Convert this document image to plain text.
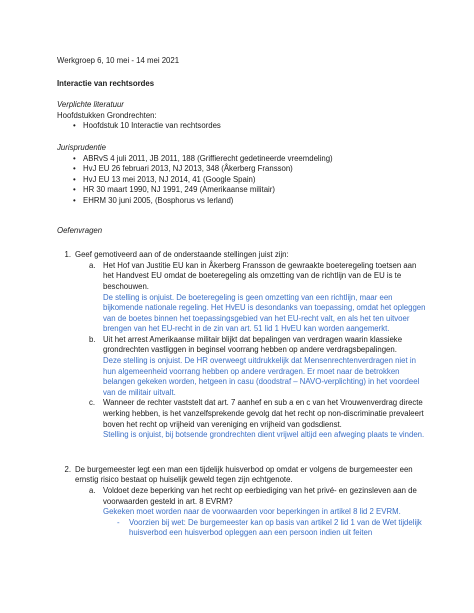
Werkgroep 6, 10 mei - 14 mei 2021

Interactie van rechtsordes

Verplichte literatuur

Hoofdstukken Grondrechten:

• Hoofdstuk 10 Interactie van rechtsordes

Jurisprudentie

• ABRvS 4 juli 2011, JB 2011, 188 (Griffierecht gedetineerde vreemdeling)
• HvJ EU 26 februari 2013, NJ 2013, 348 (Åkerberg Fransson)
• HvJ EU 13 mei 2013, NJ 2014, 41 (Google Spain)
• HR 30 maart 1990, NJ 1991, 249 (Amerikaanse militair)
• EHRM 30 juni 2005, (Bosphorus vs Ierland)

Oefenvragen

1. Geef gemotiveerd aan of de onderstaande stellingen juist zijn:
a. Het Hof van Justitie EU kan in Åkerberg Fransson de gewraakte boeteregeling toetsen aan het Handvest EU omdat de boeteregeling als omzetting van de richtlijn van de EU is te beschouwen.

De stelling is onjuist. De boeteregeling is geen omzetting van een richtlijn, maar een bijkomende nationale regeling. Het HvEU is desondanks van toepassing, omdat het opleggen van de boetes binnen het toepassingsgebied van het EU-recht valt, en als het ten uitvoer brengen van het EU-recht in de zin van art. 51 lid 1 HvEU kan worden aangemerkt.

b. Uit het arrest Amerikaanse militair blijkt dat bepalingen van verdragen waarin klassieke grondrechten vastliggen in beginsel voorrang hebben op andere verdragsbepalingen.

Deze stelling is onjuist. De HR overweegt uitdrukkelijk dat Mensenrechtenverdragen niet in hun algemeenheid voorrang hebben op andere verdragen. Er moet naar de betrokken belangen gekeken worden, hetgeen in casu (doodstraf – NAVO-verplichting) in het voordeel van de militair uitvalt.

c. Wanneer de rechter vaststelt dat art. 7 aanhef en sub a en c van het Vrouwenverdrag directe werking hebben, is het vanzelfsprekende gevolg dat het recht op non-discriminatie prevaleert boven het recht op vrijheid van vereniging en vrijheid van godsdienst.

Stelling is onjuist, bij botsende grondrechten dient vrijwel altijd een afweging plaats te vinden.

2. De burgemeester legt een man een tijdelijk huisverbod op omdat er volgens de burgemeester een ernstig risico bestaat op huiselijk geweld tegen zijn echtgenote.
a. Voldoet deze beperking van het recht op eerbiediging van het privé- en gezinsleven aan de voorwaarden gesteld in art. 8 EVRM?

Gekeken moet worden naar de voorwaarden voor beperkingen in artikel 8 lid 2 EVRM.

- Voorzien bij wet: De burgemeester kan op basis van artikel 2 lid 1 van de Wet tijdelijk huisverbod een huisverbod opleggen aan een persoon indien uit feiten
